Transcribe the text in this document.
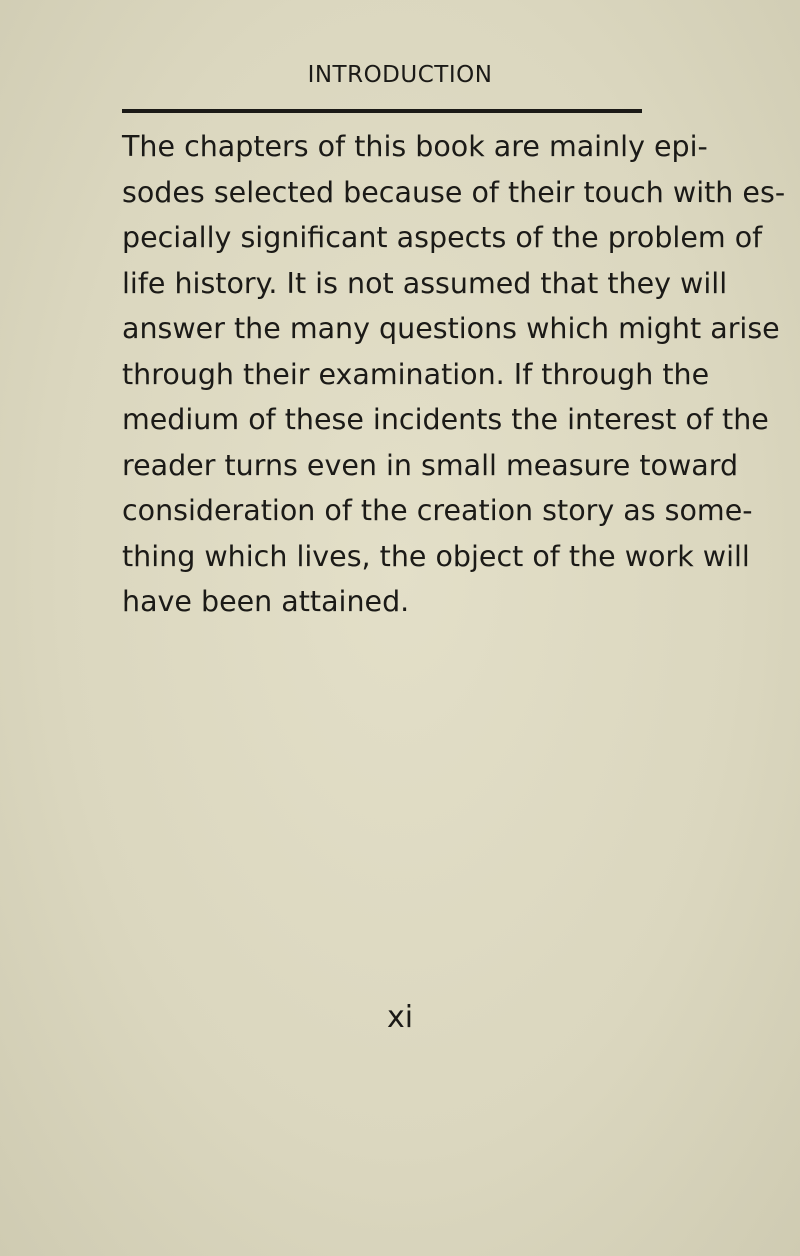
INTRODUCTION
The chapters of this book are mainly epi-
sodes selected because of their touch with es-
pecially significant aspects of the problem of
life history. It is not assumed that they will
answer the many questions which might arise
through their examination. If through the
medium of these incidents the interest of the
reader turns even in small measure toward
consideration of the creation story as some-
thing which lives, the object of the work will
have been attained.
xi
